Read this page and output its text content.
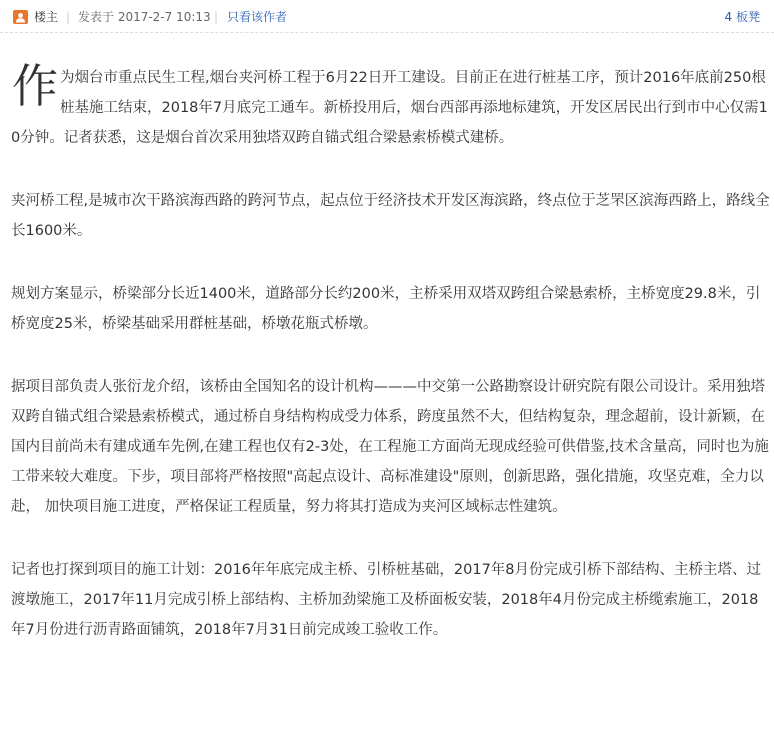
楼主 | 发表于 2017-2-7 10:13 | 只看该作者	4 板凳

作为烟台市重点民生工程,烟台夹河桥工程于6月22日开工建设。目前正在进行桩基工序，预计2016年底前250根桩基施工结束，2018年7月底完工通车。新桥投用后，烟台西部再添地标建筑，开发区居民出行到市中心仅需10分钟。记者获悉，这是烟台首次采用独塔双跨自锚式组合梁悬索桥模式建桥。

夹河桥工程,是城市次干路滨海西路的跨河节点，起点位于经济技术开发区海滨路，终点位于芝罘区滨海西路上，路线全长1600米。

规划方案显示，桥梁部分长近1400米，道路部分长约200米，主桥采用双塔双跨组合梁悬索桥，主桥宽度29.8米，引桥宽度25米，桥梁基础采用群桩基础，桥墩花瓶式桥墩。

据项目部负责人张衍龙介绍，该桥由全国知名的设计机构———中交第一公路勘察设计研究院有限公司设计。采用独塔双跨自锚式组合梁悬索桥模式，通过桥自身结构构成受力体系，跨度虽然不大，但结构复杂，理念超前，设计新颖，在国内目前尚未有建成通车先例,在建工程也仅有2-3处，在工程施工方面尚无现成经验可供借鉴,技术含量高，同时也为施工带来较大难度。下步，项目部将严格按照"高起点设计、高标准建设"原则，创新思路，强化措施，攻坚克难，全力以赴， 加快项目施工进度，严格保证工程质量，努力将其打造成为夹河区域标志性建筑。

记者也打探到项目的施工计划：2016年年底完成主桥、引桥桩基础，2017年8月份完成引桥下部结构、主桥主塔、过渡墩施工，2017年11月完成引桥上部结构、主桥加劲梁施工及桥面板安装，2018年4月份完成主桥缆索施工，2018年7月份进行沥青路面铺筑，2018年7月31日前完成竣工验收工作。
